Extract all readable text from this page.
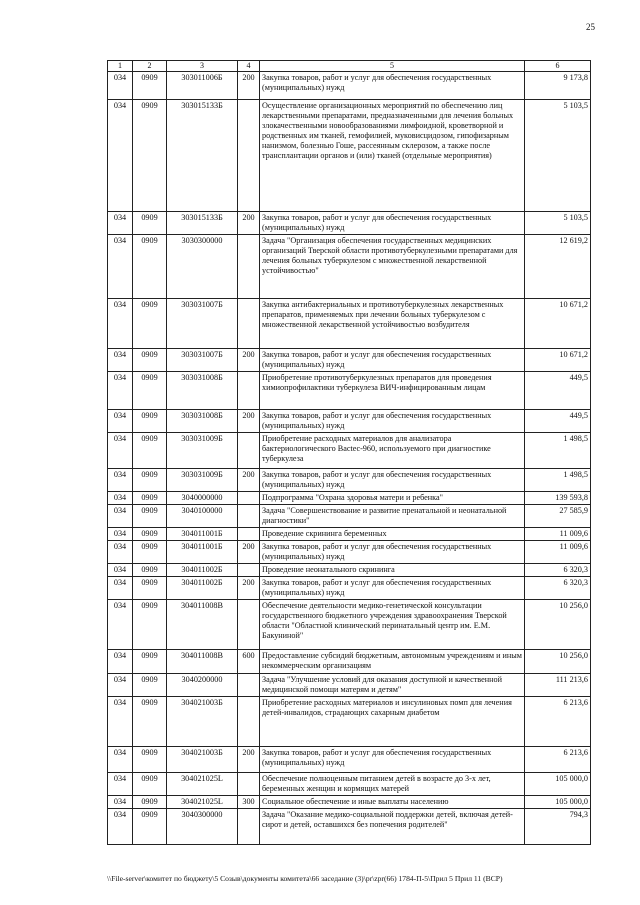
25
1	2	3	4	5	6
034	0909	303011006Б	200	Закупка товаров, работ и услуг для обеспечения государственных (муниципальных) нужд	9 173,8
034	0909	303015133Б		Осуществление организационных мероприятий по обеспечению лиц лекарственными препаратами, предназначенными для лечения больных злокачественными новообразованиями лимфоидной, кроветворной и родственных им тканей, гемофилией, муковисцидозом, гипофизарным нанизмом, болезнью Гоше, рассеянным склерозом, а также после трансплантации органов и (или) тканей (отдельные мероприятия)	5 103,5
034	0909	303015133Б	200	Закупка товаров, работ и услуг для обеспечения государственных (муниципальных) нужд	5 103,5
034	0909	3030300000		Задача "Организация обеспечения государственных медицинских организаций Тверской области противотуберкулезными препаратами для лечения больных туберкулезом с множественной лекарственной устойчивостью"	12 619,2
034	0909	303031007Б		Закупка антибактериальных и противотуберкулезных лекарственных препаратов, применяемых при лечении больных туберкулезом с множественной лекарственной устойчивостью возбудителя	10 671,2
034	0909	303031007Б	200	Закупка товаров, работ и услуг для обеспечения государственных (муниципальных) нужд	10 671,2
034	0909	303031008Б		Приобретение противотуберкулезных препаратов для проведения химиопрофилактики туберкулеза ВИЧ-инфицированным лицам	449,5
034	0909	303031008Б	200	Закупка товаров, работ и услуг для обеспечения государственных (муниципальных) нужд	449,5
034	0909	303031009Б		Приобретение расходных материалов для анализатора бактериологического Bactec-960, используемого при диагностике туберкулеза	1 498,5
034	0909	303031009Б	200	Закупка товаров, работ и услуг для обеспечения государственных (муниципальных) нужд	1 498,5
034	0909	3040000000		Подпрограмма "Охрана здоровья матери и ребенка"	139 593,8
034	0909	3040100000		Задача "Совершенствование и развитие пренатальной и неонатальной диагностики"	27 585,9
034	0909	304011001Б		Проведение скрининга беременных	11 009,6
034	0909	304011001Б	200	Закупка товаров, работ и услуг для обеспечения государственных (муниципальных) нужд	11 009,6
034	0909	304011002Б		Проведение неонатального скрининга	6 320,3
034	0909	304011002Б	200	Закупка товаров, работ и услуг для обеспечения государственных (муниципальных) нужд	6 320,3
034	0909	304011008В		Обеспечение деятельности медико-генетической консультации государственного бюджетного учреждения здравоохранения Тверской области "Областной клинический перинатальный центр им. Е.М. Бакуниной"	10 256,0
034	0909	304011008В	600	Предоставление субсидий бюджетным, автономным учреждениям и иным некоммерческим организациям	10 256,0
034	0909	3040200000		Задача "Улучшение условий для оказания доступной и качественной медицинской помощи матерям и детям"	111 213,6
034	0909	304021003Б		Приобретение расходных материалов и инсулиновых помп для лечения детей-инвалидов, страдающих сахарным диабетом	6 213,6
034	0909	304021003Б	200	Закупка товаров, работ и услуг для обеспечения государственных (муниципальных) нужд	6 213,6
034	0909	304021025L		Обеспечение полноценным питанием детей в возрасте до 3-х лет, беременных женщин и кормящих матерей	105 000,0
034	0909	304021025L	300	Социальное обеспечение и иные выплаты населению	105 000,0
034	0909	3040300000		Задача "Оказание медико-социальной поддержки детей, включая детей-сирот и детей, оставшихся без попечения родителей"	794,3
\\File-server\комитет по бюджету\5 Созыв\документы комитета\66 заседание (3)\pr\zpr(66) 1784-П-5\Прил 5 Прил 11 (ВСР)
